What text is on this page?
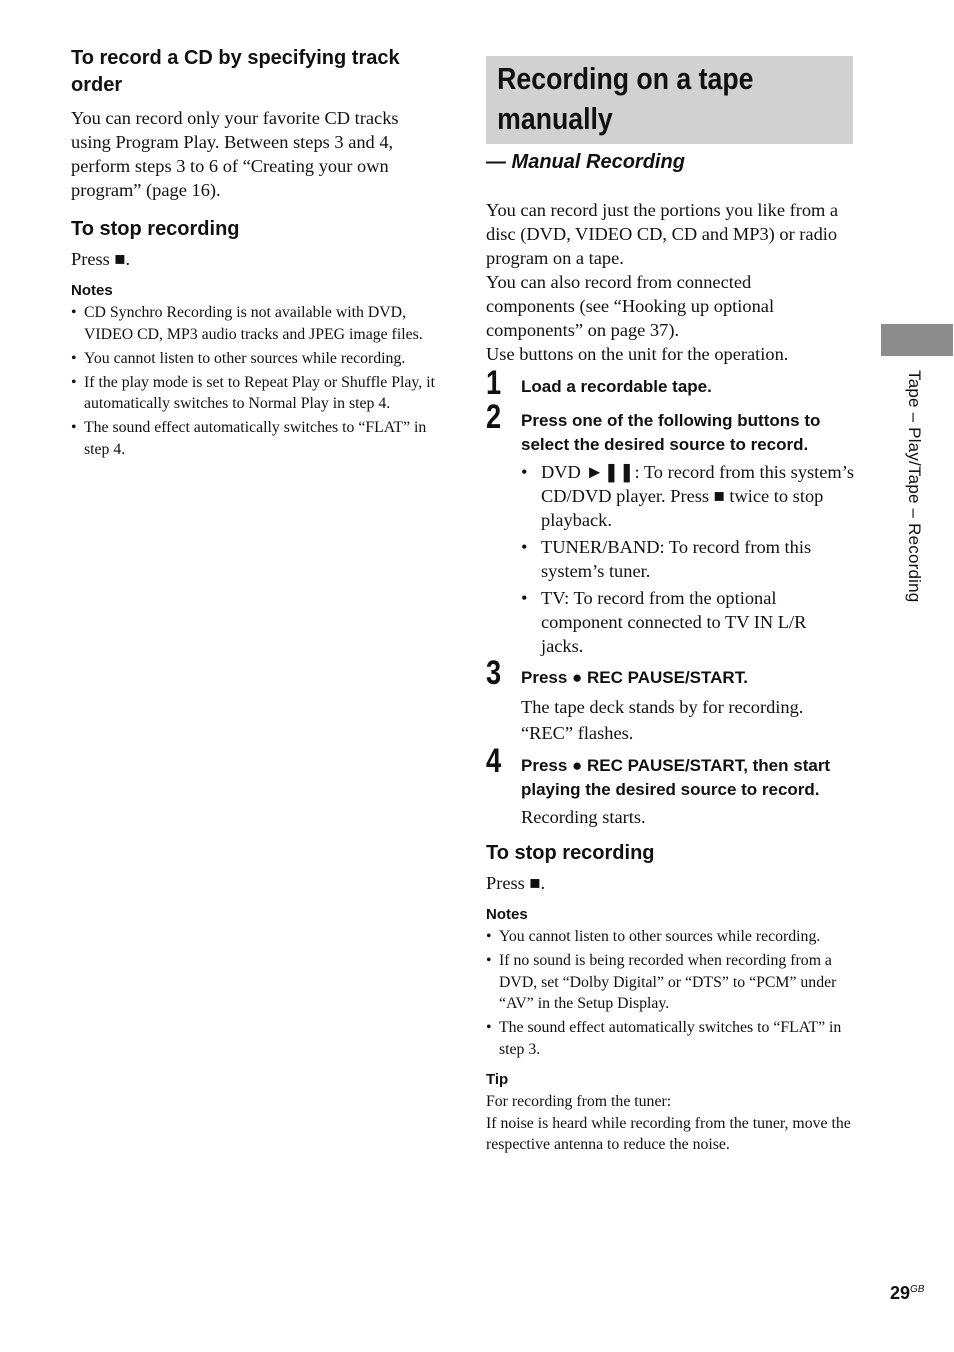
To record a CD by specifying track order

You can record only your favorite CD tracks using Program Play. Between steps 3 and 4, perform steps 3 to 6 of “Creating your own program” (page 16).

To stop recording

Press ■.

Notes
• CD Synchro Recording is not available with DVD, VIDEO CD, MP3 audio tracks and JPEG image files.
• You cannot listen to other sources while recording.
• If the play mode is set to Repeat Play or Shuffle Play, it automatically switches to Normal Play in step 4.
• The sound effect automatically switches to “FLAT” in step 4.
Recording on a tape manually
— Manual Recording

You can record just the portions you like from a disc (DVD, VIDEO CD, CD and MP3) or radio program on a tape.

You can also record from connected components (see “Hooking up optional components” on page 37).

Use buttons on the unit for the operation.

1 Load a recordable tape.

2 Press one of the following buttons to select the desired source to record.

• DVD ►❚❚: To record from this system’s CD/DVD player. Press ■ twice to stop playback.
• TUNER/BAND: To record from this system’s tuner.
• TV: To record from the optional component connected to TV IN L/R jacks.
3 Press ● REC PAUSE/START.

The tape deck stands by for recording.

“REC” flashes.

4 Press ● REC PAUSE/START, then start playing the desired source to record.

Recording starts.

To stop recording

Press ■.

Notes
• You cannot listen to other sources while recording.
• If no sound is being recorded when recording from a DVD, set “Dolby Digital” or “DTS” to “PCM” under “AV” in the Setup Display.
• The sound effect automatically switches to “FLAT” in step 3.
Tip

For recording from the tuner:

If noise is heard while recording from the tuner, move the respective antenna to reduce the noise.

Tape – Play/Tape – Recording
$29^{GB}$
